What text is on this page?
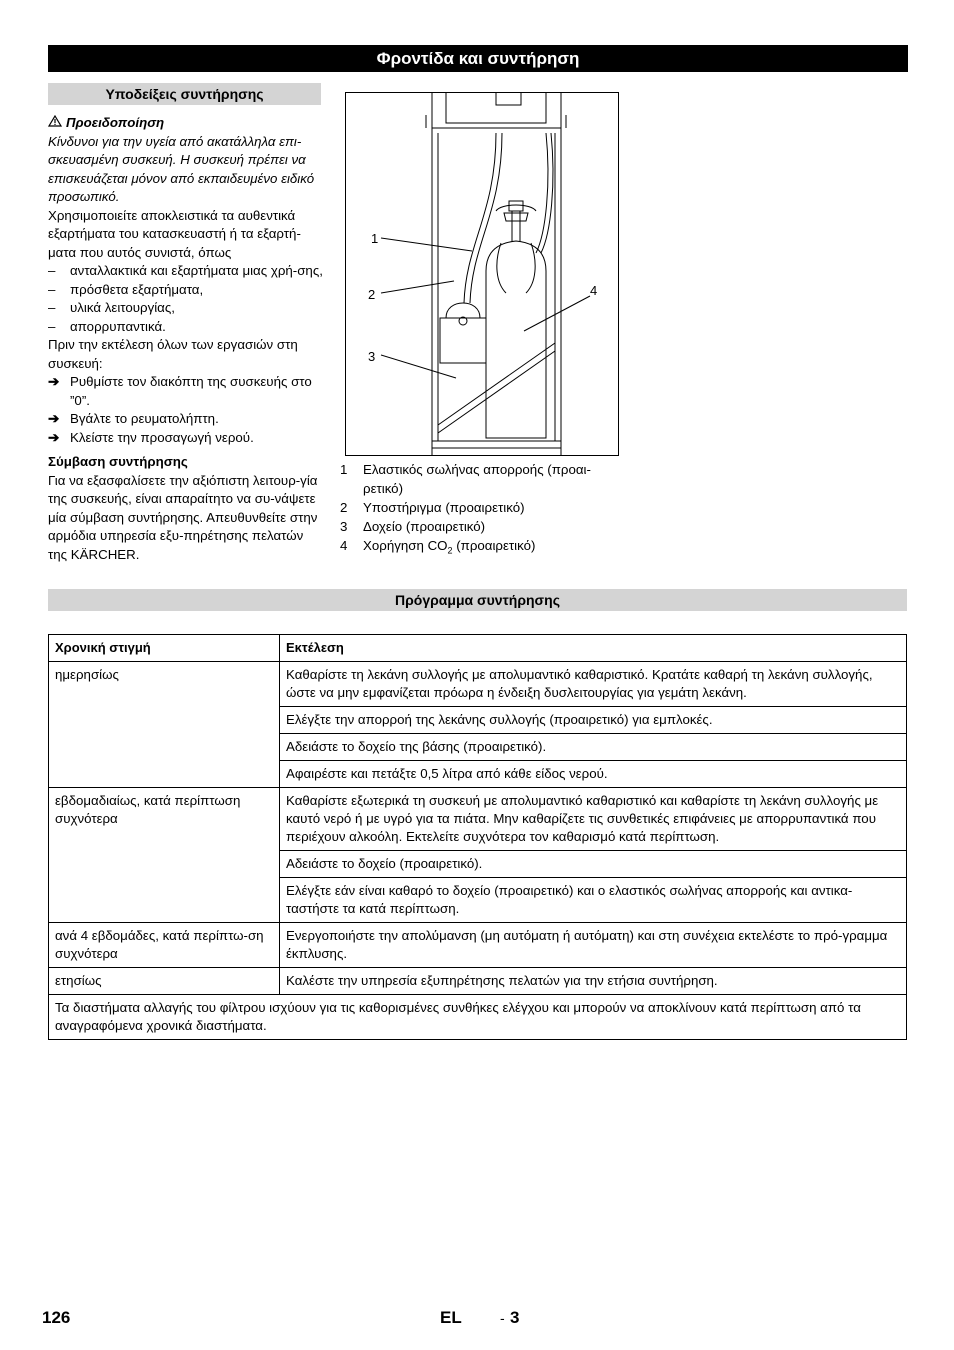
Φροντίδα και συντήρηση
Υποδείξεις συντήρησης

Προειδοποίηση

Κίνδυνοι για την υγεία από ακατάλληλα επι-σκευασμένη συσκευή. Η συσκευή πρέπει να επισκευάζεται μόνον από εκπαιδευμένο ειδικό προσωπικό.

Χρησιμοποιείτε αποκλειστικά τα αυθεντικά εξαρτήματα του κατασκευαστή ή τα εξαρτή-ματα που αυτός συνιστά, όπως

– ανταλλακτικά και εξαρτήματα μιας χρή-σης,
– πρόσθετα εξαρτήματα,
– υλικά λειτουργίας,
– απορρυπαντικά.

Πριν την εκτέλεση όλων των εργασιών στη συσκευή:

➔ Ρυθμίστε τον διακόπτη της συσκευής στο ”0”.
➔ Βγάλτε το ρευματολήπτη.
➔ Κλείστε την προσαγωγή νερού.

Σύμβαση συντήρησης

Για να εξασφαλίσετε την αξιόπιστη λειτουρ-γία της συσκευής, είναι απαραίτητο να συ-νάψετε μία σύμβαση συντήρησης. Απευθυνθείτε στην αρμόδια υπηρεσία εξυ-πηρέτησης πελατών της KÄRCHER.

1
2
3
4
1 Ελαστικός σωλήνας απορροής (προαι-ρετικό)
2 Υποστήριγμα (προαιρετικό)
3 Δοχείο (προαιρετικό)
4 Χορήγηση $CO_2$ (προαιρετικό)
Πρόγραμμα συντήρησης
Χρονική στιγμή	Εκτέλεση
ημερησίως	Καθαρίστε τη λεκάνη συλλογής με απολυμαντικό καθαριστικό. Κρατάτε καθαρή τη λεκάνη συλλογής, ώστε να μην εμφανίζεται πρόωρα η ένδειξη δυσλειτουργίας για γεμάτη λεκάνη.
	Ελέγξτε την απορροή της λεκάνης συλλογής (προαιρετικό) για εμπλοκές.
	Αδειάστε το δοχείο της βάσης (προαιρετικό).
	Αφαιρέστε και πετάξτε 0,5 λίτρα από κάθε είδος νερού.
εβδομαδιαίως, κατά περίπτωση συχνότερα	Καθαρίστε εξωτερικά τη συσκευή με απολυμαντικό καθαριστικό και καθαρίστε τη λεκάνη συλλογής με καυτό νερό ή με υγρό για τα πιάτα. Μην καθαρίζετε τις συνθετικές επιφάνειες με απορρυπαντικά που περιέχουν αλκοόλη. Εκτελείτε συχνότερα τον καθαρισμό κατά περίπτωση.
	Αδειάστε το δοχείο (προαιρετικό).
	Ελέγξτε εάν είναι καθαρό το δοχείο (προαιρετικό) και ο ελαστικός σωλήνας απορροής και αντικα-ταστήστε τα κατά περίπτωση.
ανά 4 εβδομάδες, κατά περίπτω-ση συχνότερα	Ενεργοποιήστε την απολύμανση (μη αυτόματη ή αυτόματη) και στη συνέχεια εκτελέστε το πρό-γραμμα έκπλυσης.
ετησίως	Καλέστε την υπηρεσία εξυπηρέτησης πελατών για την ετήσια συντήρηση.
Τα διαστήματα αλλαγής του φίλτρου ισχύουν για τις καθορισμένες συνθήκες ελέγχου και μπορούν να αποκλίνουν κατά περίπτωση από τα αναγραφόμενα χρονικά διαστήματα.	
126	EL	- 3
